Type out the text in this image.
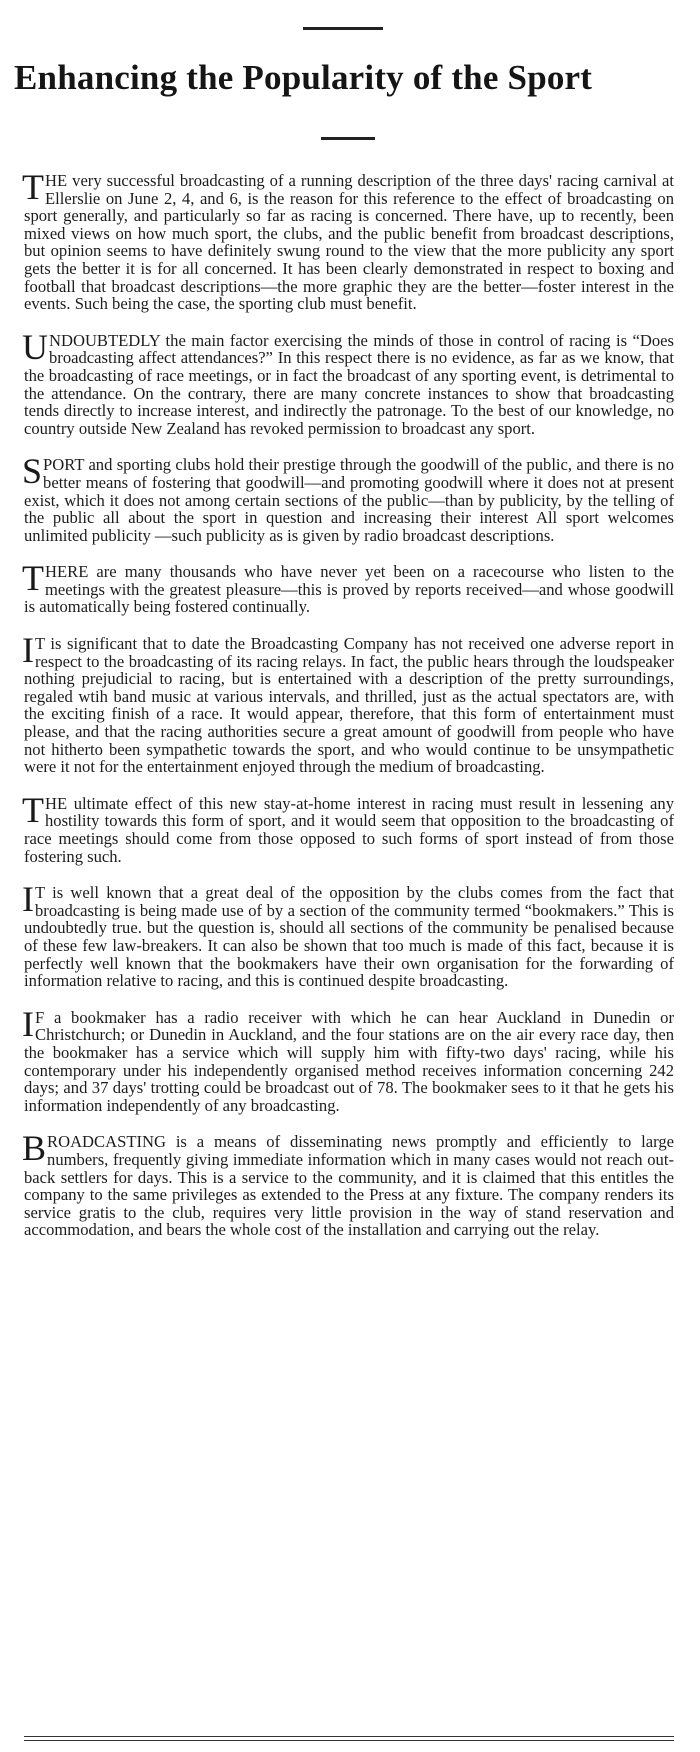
Enhancing the Popularity of the Sport

THE very successful broadcasting of a running description of the three days' racing carnival at Ellerslie on June 2, 4, and 6, is the reason for this reference to the effect of broadcasting on sport generally, and particularly so far as racing is concerned. There have, up to recently, been mixed views on how much sport, the clubs, and the public benefit from broadcast descriptions, but opinion seems to have definitely swung round to the view that the more publicity any sport gets the better it is for all concerned. It has been clearly demonstrated in respect to boxing and football that broadcast descriptions—the more graphic they are the better—foster interest in the events. Such being the case, the sporting club must benefit.

UNDOUBTEDLY the main factor exercising the minds of those in control of racing is “Does broadcasting affect attendances?” In this respect there is no evidence, as far as we know, that the broadcasting of race meetings, or in fact the broadcast of any sporting event, is detrimental to the attendance. On the contrary, there are many concrete instances to show that broadcasting tends directly to increase interest, and indirectly the patronage. To the best of our knowledge, no country outside New Zealand has revoked permission to broadcast any sport.

SPORT and sporting clubs hold their prestige through the goodwill of the public, and there is no better means of fostering that goodwill—and promoting goodwill where it does not at present exist, which it does not among certain sections of the public—than by publicity, by the telling of the public all about the sport in question and increasing their interest All sport welcomes unlimited publicity —such publicity as is given by radio broadcast descriptions.

THERE are many thousands who have never yet been on a racecourse who listen to the meetings with the greatest pleasure—this is proved by reports received—and whose goodwill is automatically being fostered continually.

I T is significant that to date the Broadcasting Company has not received one adverse report in respect to the broadcasting of its racing relays. In fact, the public hears through the loudspeaker nothing prejudicial to racing, but is entertained with a description of the pretty surroundings, regaled wtih band music at various intervals, and thrilled, just as the actual spectators are, with the exciting finish of a race. It would appear, therefore, that this form of entertainment must please, and that the racing authorities secure a great amount of goodwill from people who have not hitherto been sympathetic towards the sport, and who would continue to be unsympathetic were it not for the entertainment enjoyed through the medium of broadcasting.

THE ultimate effect of this new stay-at-home interest in racing must result in lessening any hostility towards this form of sport, and it would seem that opposition to the broadcasting of race meetings should come from those opposed to such forms of sport instead of from those fostering such.

I T is well known that a great deal of the opposition by the clubs comes from the fact that broadcasting is being made use of by a section of the community termed “bookmakers.” This is undoubtedly true. but the question is, should all sections of the community be penalised because of these few law-breakers. It can also be shown that too much is made of this fact, because it is perfectly well known that the bookmakers have their own organisation for the forwarding of information relative to racing, and this is continued despite broadcasting.

I F a bookmaker has a radio receiver with which he can hear Auckland in Dunedin or Christchurch; or Dunedin in Auckland, and the four stations are on the air every race day, then the bookmaker has a service which will supply him with fifty-two days' racing, while his contemporary under his independently organised method receives information concerning 242 days; and 37 days' trotting could be broadcast out of 78. The bookmaker sees to it that he gets his information independently of any broadcasting.

BROADCASTING is a means of disseminating news promptly and efficiently to large numbers, frequently giving immediate information which in many cases would not reach out-back settlers for days. This is a service to the community, and it is claimed that this entitles the company to the same privileges as extended to the Press at any fixture. The company renders its service gratis to the club, requires very little provision in the way of stand reservation and accommodation, and bears the whole cost of the installation and carrying out the relay.
